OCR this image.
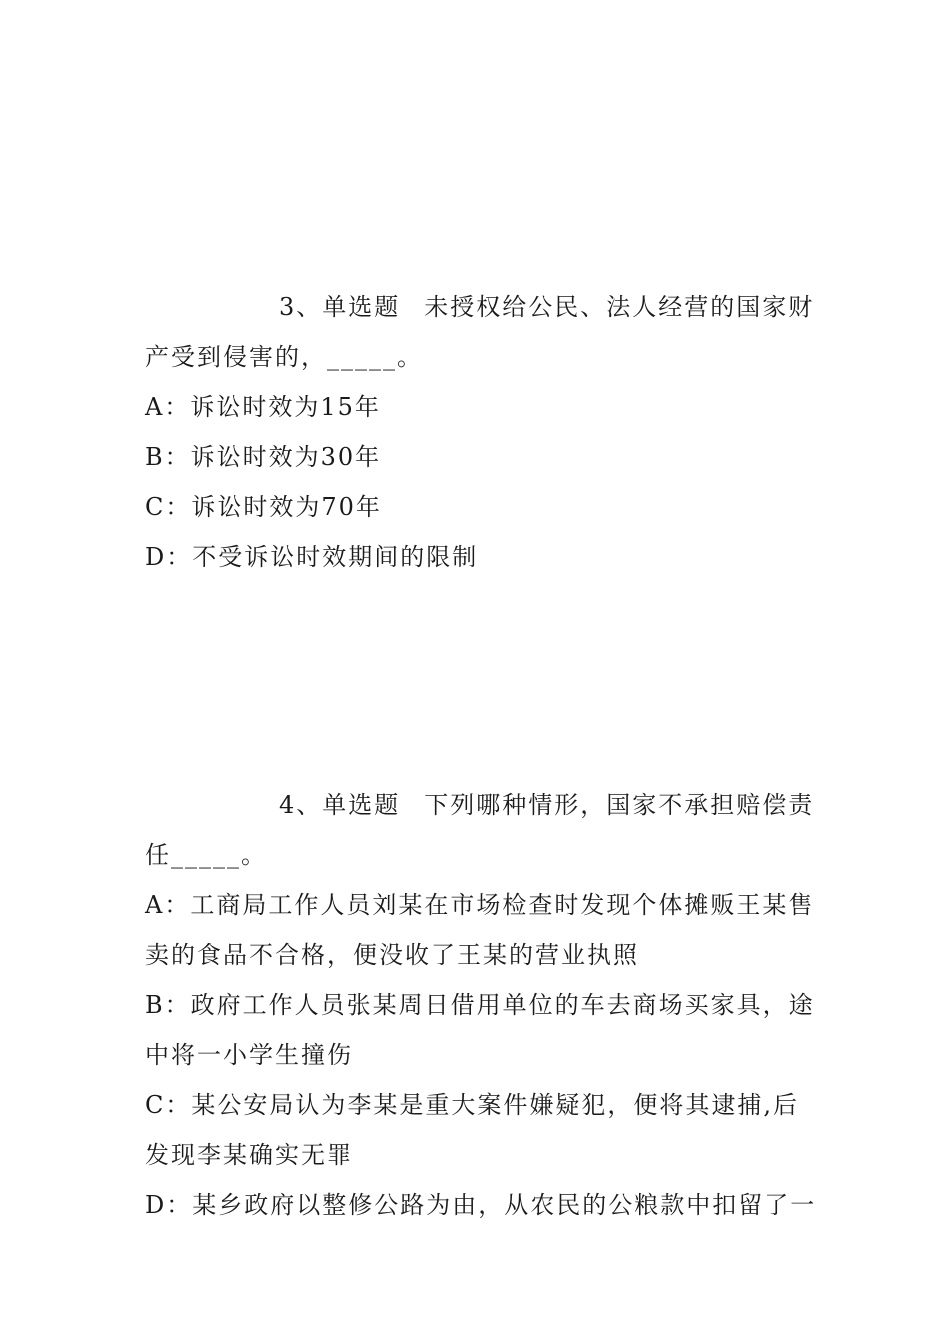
3、单选题 未授权给公民、法人经营的国家财
产受到侵害的，_____。
A：诉讼时效为15年
B：诉讼时效为30年
C：诉讼时效为70年
D：不受诉讼时效期间的限制
4、单选题 下列哪种情形，国家不承担赔偿责
任_____。
A：工商局工作人员刘某在市场检查时发现个体摊贩王某售
卖的食品不合格，便没收了王某的营业执照
B：政府工作人员张某周日借用单位的车去商场买家具，途
中将一小学生撞伤
C：某公安局认为李某是重大案件嫌疑犯，便将其逮捕,后
发现李某确实无罪
D：某乡政府以整修公路为由，从农民的公粮款中扣留了一
